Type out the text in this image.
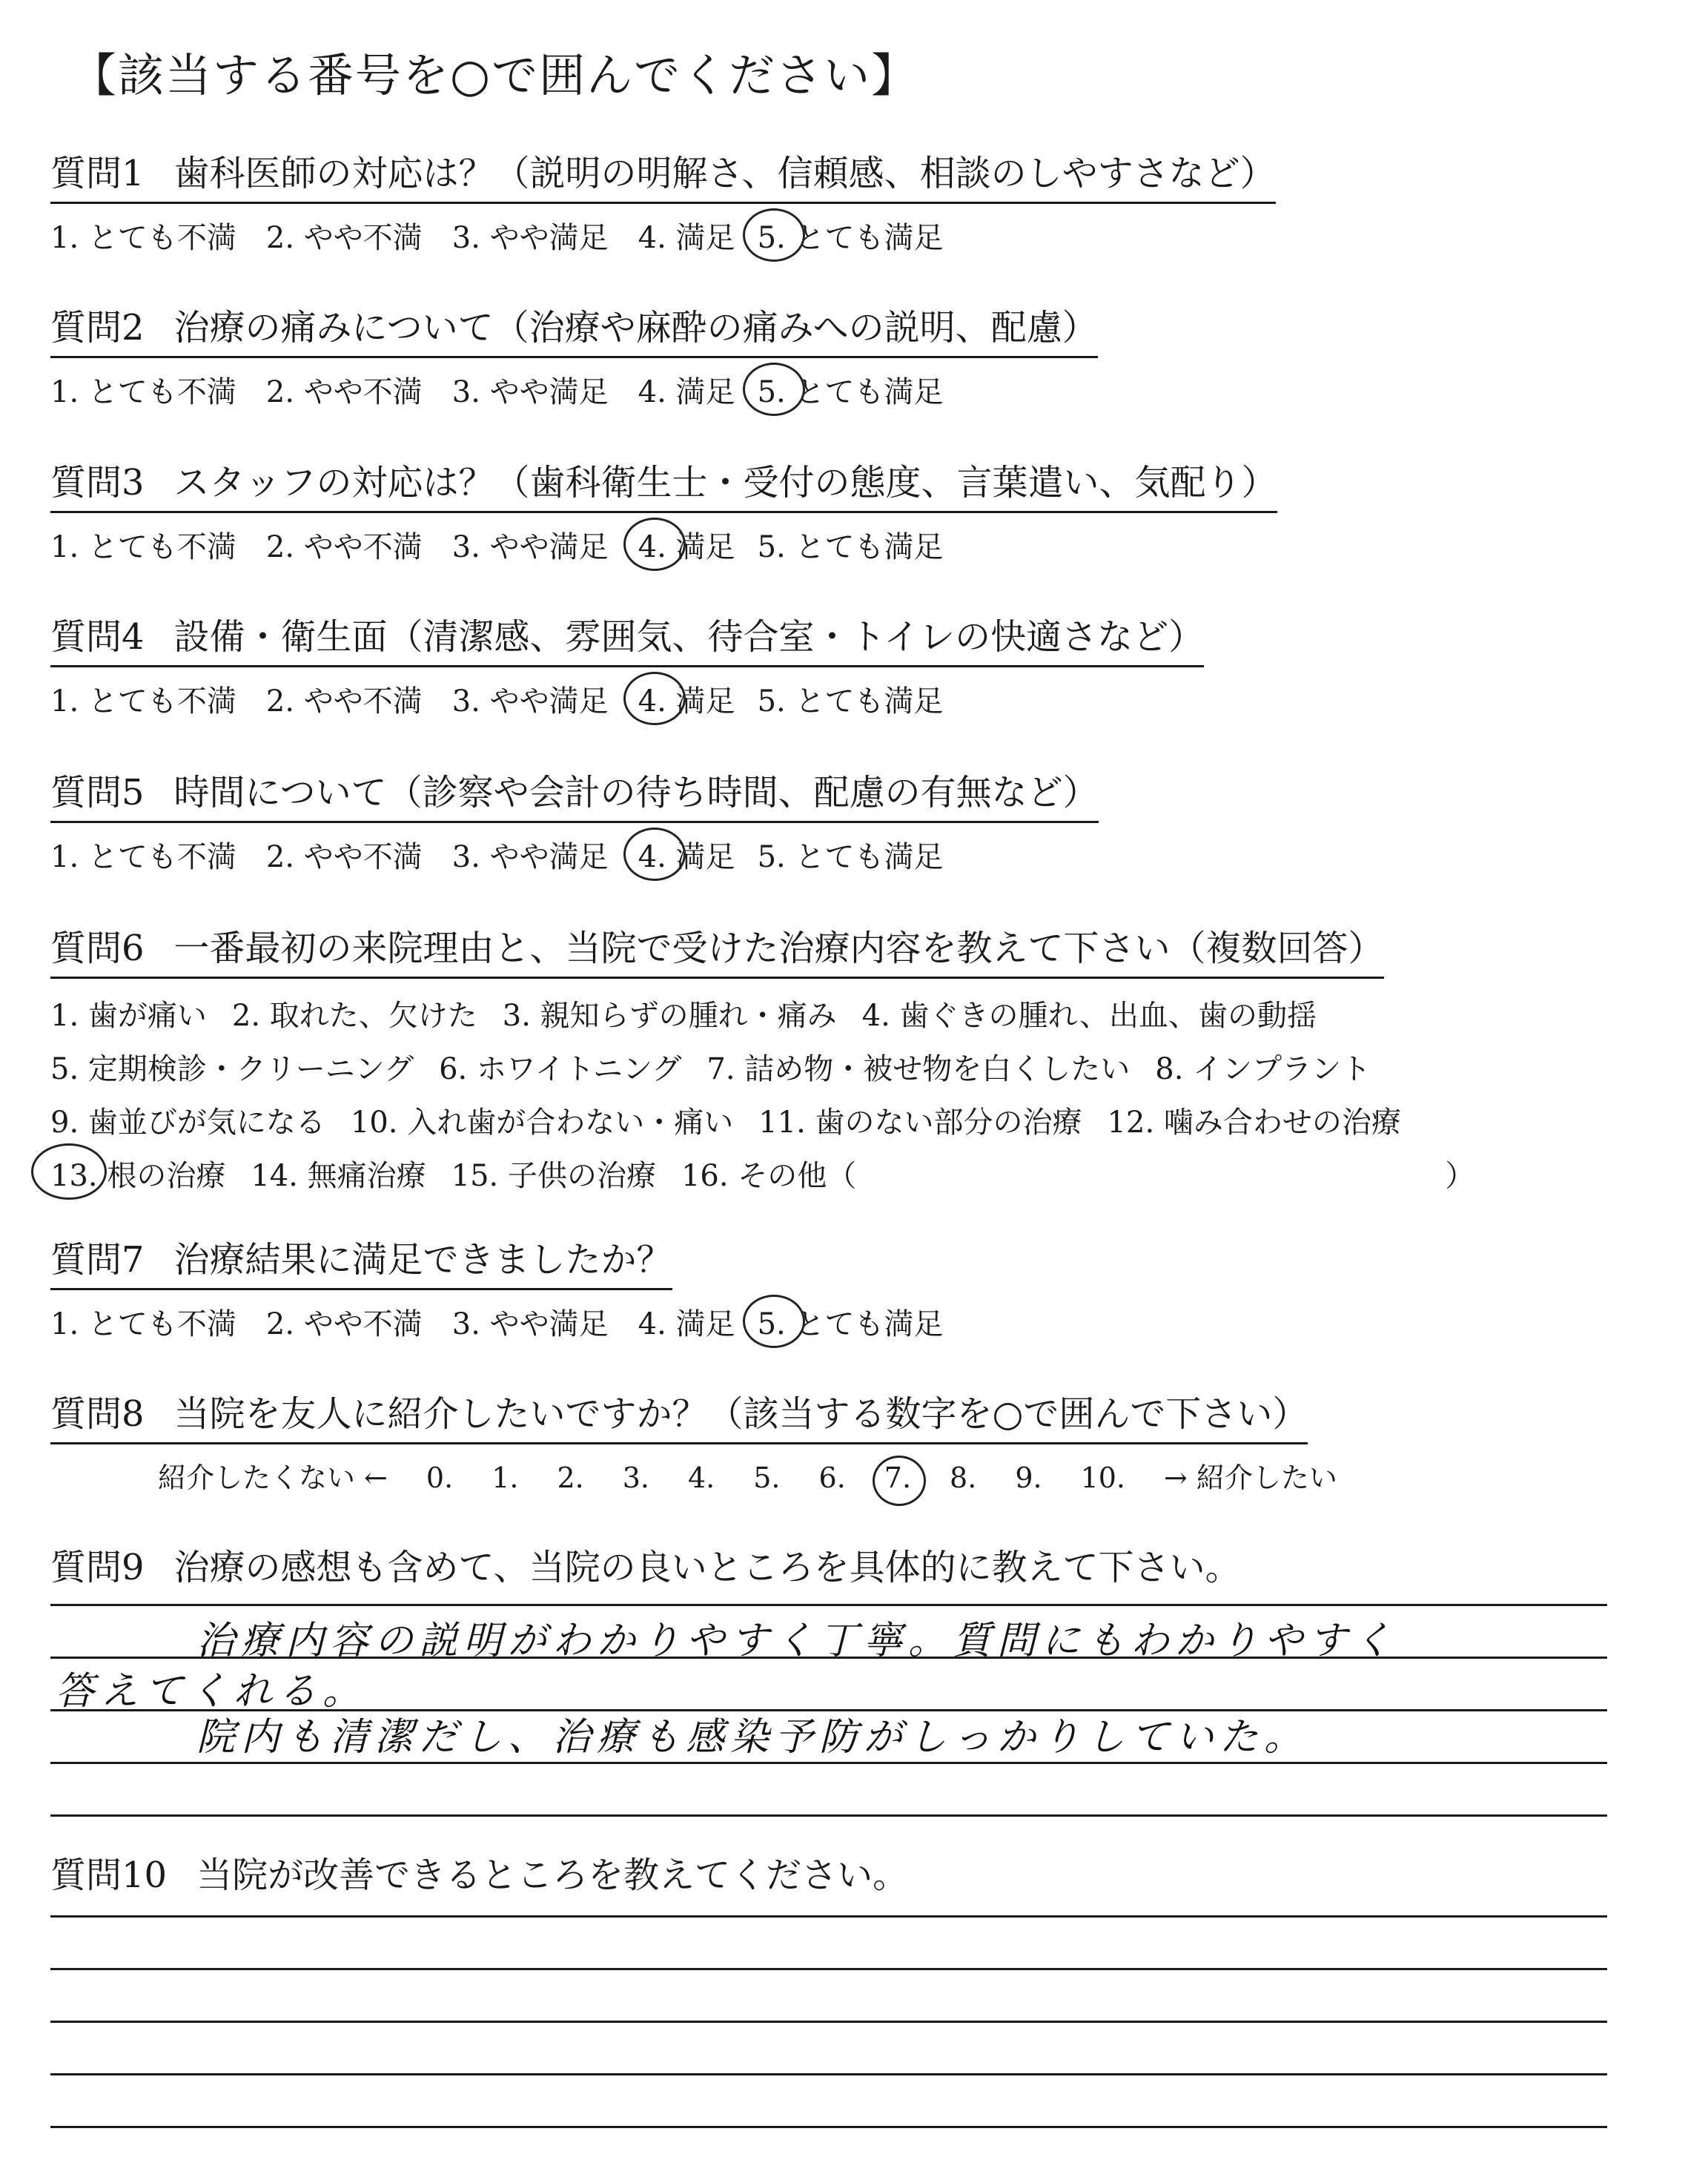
【該当する番号を○で囲んでください】
質問1 歯科医師の対応は？（説明の明解さ、信頼感、相談のしやすさなど）
1. とても不満 2. やや不満 3. やや満足 4. 満足 5. とても満足
質問2 治療の痛みについて（治療や麻酔の痛みへの説明、配慮）
1. とても不満 2. やや不満 3. やや満足 4. 満足 5. とても満足
質問3 スタッフの対応は？（歯科衛生士・受付の態度、言葉遣い、気配り）
1. とても不満 2. やや不満 3. やや満足 4. 満足 5. とても満足
質問4 設備・衛生面（清潔感、雰囲気、待合室・トイレの快適さなど）
1. とても不満 2. やや不満 3. やや満足 4. 満足 5. とても満足
質問5 時間について（診察や会計の待ち時間、配慮の有無など）
1. とても不満 2. やや不満 3. やや満足 4. 満足 5. とても満足
質問6 一番最初の来院理由と、当院で受けた治療内容を教えて下さい（複数回答）
1. 歯が痛い 2. 取れた、欠けた 3. 親知らずの腫れ・痛み 4. 歯ぐきの腫れ、出血、歯の動揺
5. 定期検診・クリーニング 6. ホワイトニング 7. 詰め物・被せ物を白くしたい 8. インプラント
9. 歯並びが気になる 10. 入れ歯が合わない・痛い 11. 歯のない部分の治療 12. 噛み合わせの治療
13. 根の治療 14. 無痛治療 15. 子供の治療 16. その他（	）
質問7 治療結果に満足できましたか？
1. とても不満 2. やや不満 3. やや満足 4. 満足 5. とても満足
質問8 当院を友人に紹介したいですか？（該当する数字を○で囲んで下さい）
紹介したくない ← 0. 1. 2. 3. 4. 5. 6. 7. 8. 9. 10. → 紹介したい
質問9 治療の感想も含めて、当院の良いところを具体的に教えて下さい。
治療内容の説明がわかりやすく丁寧。質問にもわかりやすく
答えてくれる。
院内も清潔だし、治療も感染予防がしっかりしていた。
質問10 当院が改善できるところを教えてください。
